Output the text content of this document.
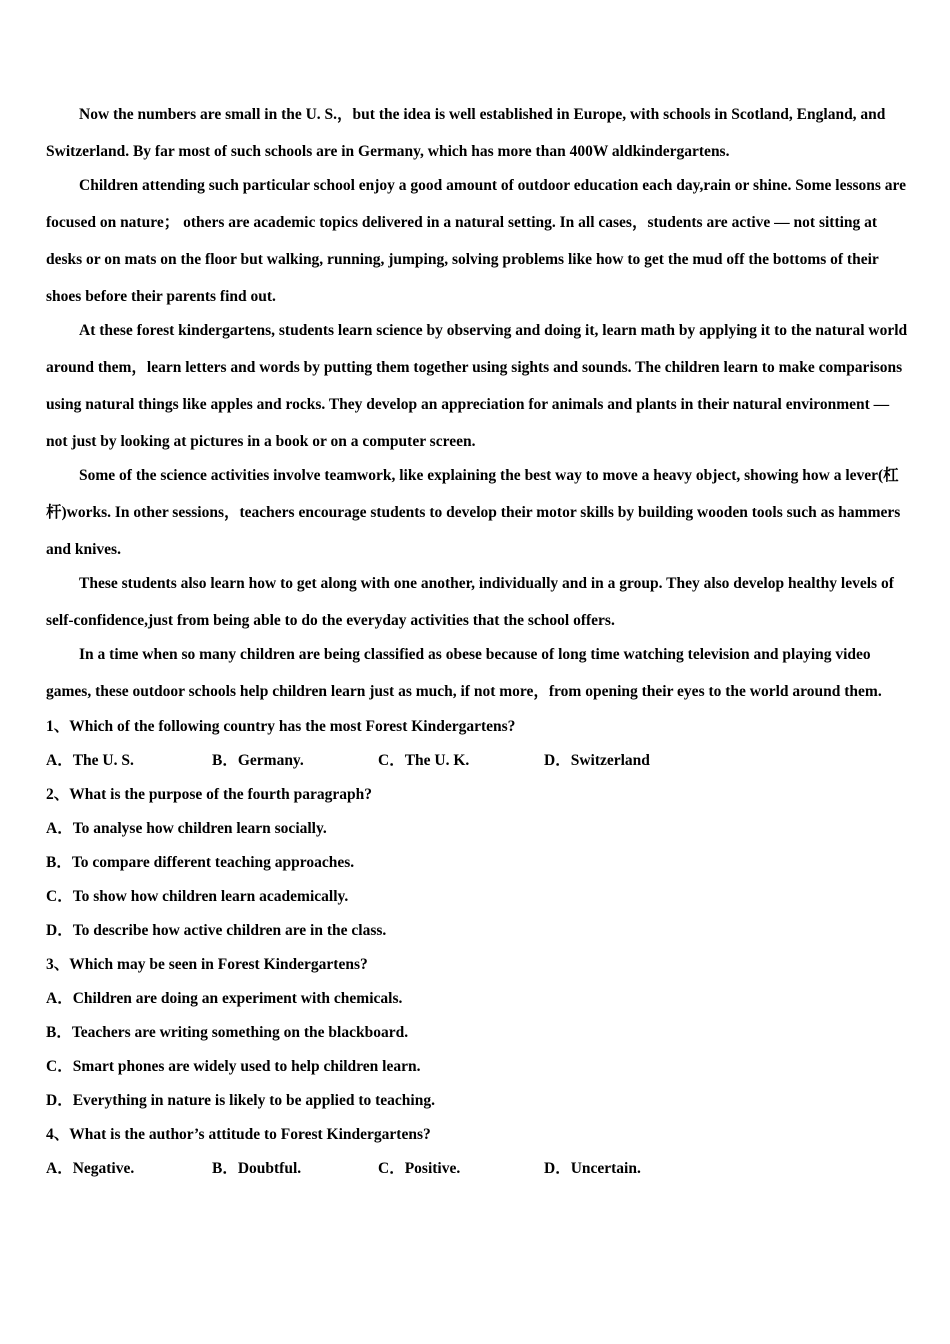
Now the numbers are small in the U. S.，but the idea is well established in Europe, with schools in Scotland, England, and Switzerland. By far most of such schools are in Germany, which has more than 400W aldkindergartens.

Children attending such particular school enjoy a good amount of outdoor education each day,rain or shine. Some lessons are focused on nature； others are academic topics delivered in a natural setting. In all cases，students are active — not sitting at desks or on mats on the floor but walking, running, jumping, solving problems like how to get the mud off the bottoms of their shoes before their parents find out.

At these forest kindergartens, students learn science by observing and doing it, learn math by applying it to the natural world around them，learn letters and words by putting them together using sights and sounds. The children learn to make comparisons using natural things like apples and rocks. They develop an appreciation for animals and plants in their natural environment — not just by looking at pictures in a book or on a computer screen.

Some of the science activities involve teamwork, like explaining the best way to move a heavy object, showing how a lever(杠杆)works. In other sessions，teachers encourage students to develop their motor skills by building wooden tools such as hammers and knives.

These students also learn how to get along with one another, individually and in a group. They also develop healthy levels of self-confidence,just from being able to do the everyday activities that the school offers.

In a time when so many children are being classified as obese because of long time watching television and playing video games, these outdoor schools help children learn just as much, if not more，from opening their eyes to the world around them.

1、Which of the following country has the most Forest Kindergartens?

A．The U. S.	B．Germany.	C．The U. K.	D．Switzerland

2、What is the purpose of the fourth paragraph?

A．To analyse how children learn socially.

B．To compare different teaching approaches.

C．To show how children learn academically.

D．To describe how active children are in the class.

3、Which may be seen in Forest Kindergartens?

A．Children are doing an experiment with chemicals.

B．Teachers are writing something on the blackboard.

C．Smart phones are widely used to help children learn.

D．Everything in nature is likely to be applied to teaching.

4、What is the author’s attitude to Forest Kindergartens?

A．Negative.	B．Doubtful.	C．Positive.	D．Uncertain.
